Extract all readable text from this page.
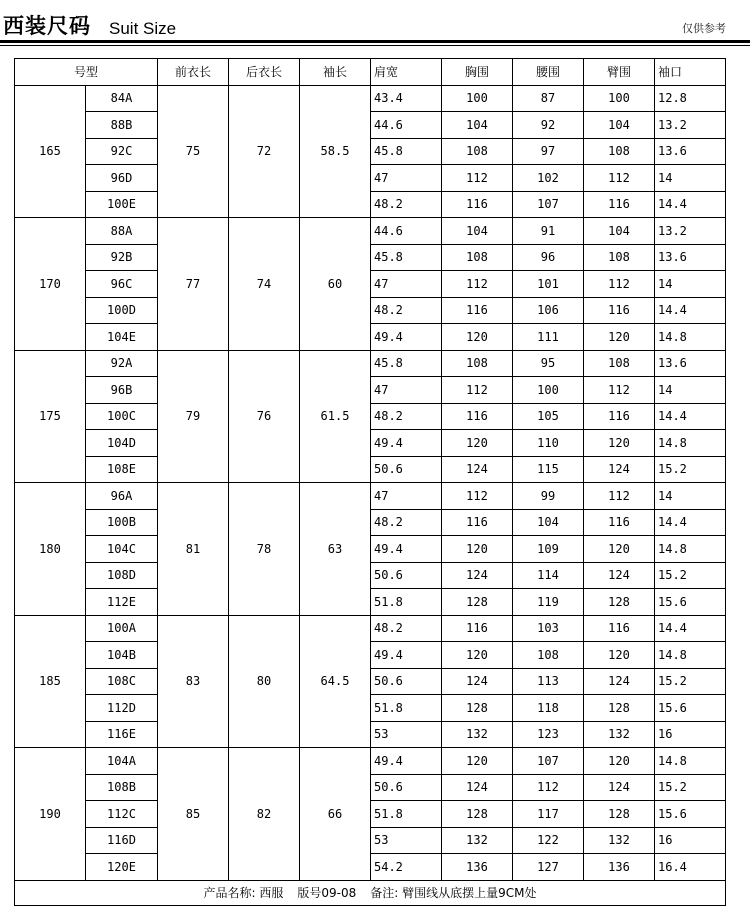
西装尺码 Suit Size	仅供参考
号型		前衣长	后衣长	袖长	肩宽	胸围	腰围	臂围	袖口
165	84A	75	72	58.5	43.4	100	87	100	12.8
	88B				44.6	104	92	104	13.2
	92C				45.8	108	97	108	13.6
	96D				47	112	102	112	14
	100E				48.2	116	107	116	14.4
170	88A	77	74	60	44.6	104	91	104	13.2
	92B				45.8	108	96	108	13.6
	96C				47	112	101	112	14
	100D				48.2	116	106	116	14.4
	104E				49.4	120	111	120	14.8
175	92A	79	76	61.5	45.8	108	95	108	13.6
	96B				47	112	100	112	14
	100C				48.2	116	105	116	14.4
	104D				49.4	120	110	120	14.8
	108E				50.6	124	115	124	15.2
180	96A	81	78	63	47	112	99	112	14
	100B				48.2	116	104	116	14.4
	104C				49.4	120	109	120	14.8
	108D				50.6	124	114	124	15.2
	112E				51.8	128	119	128	15.6
185	100A	83	80	64.5	48.2	116	103	116	14.4
	104B				49.4	120	108	120	14.8
	108C				50.6	124	113	124	15.2
	112D				51.8	128	118	128	15.6
	116E				53	132	123	132	16
190	104A	85	82	66	49.4	120	107	120	14.8
	108B				50.6	124	112	124	15.2
	112C				51.8	128	117	128	15.6
	116D				53	132	122	132	16
	120E				54.2	136	127	136	16.4
产品名称: 西服 版号09-08 备注: 臂围线从底摆上量9CM处									
